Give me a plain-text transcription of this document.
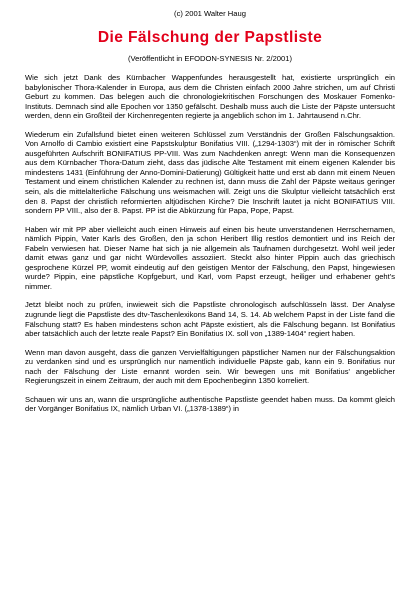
(c) 2001 Walter Haug

Die Fälschung der Papstliste

(Veröffentlicht in EFODON-SYNESIS Nr. 2/2001)

Wie sich jetzt Dank des Kürnbacher Wappenfundes herausgestellt hat, existierte ursprünglich ein babylonischer Thora-Kalender in Europa, aus dem die Christen einfach 2000 Jahre strichen, um auf Christi Geburt zu kommen. Das belegen auch die chronologiekritischen Forschungen des Moskauer Fomenko-Instituts. Demnach sind alle Epochen vor 1350 gefälscht. Deshalb muss auch die Liste der Päpste untersucht werden, denn ein Großteil der Kirchenregenten regierte ja angeblich schon im 1. Jahrtausend n.Chr.

Wiederum ein Zufallsfund bietet einen weiteren Schlüssel zum Verständnis der Großen Fälschungsaktion. Von Arnolfo di Cambio existiert eine Papstskulptur Bonifatius VIII. („1294-1303“) mit der in römischer Schrift ausgeführten Aufschrift BONIFATIUS PP-VIII. Was zum Nachdenken anregt: Wenn man die Konsequenzen aus dem Kürnbacher Thora-Datum zieht, dass das jüdische Alte Testament mit einem eigenen Kalender bis mindestens 1431 (Einführung der Anno-Domini-Datierung) Gültigkeit hatte und erst ab dann mit einem Neuen Testament und einem christlichen Kalender zu rechnen ist, dann muss die Zahl der Päpste weitaus geringer sein, als die mittelalterliche Fälschung uns weismachen will. Zeigt uns die Skulptur vielleicht tatsächlich erst den 8. Papst der christlich reformierten altjüdischen Kirche? Die Inschrift lautet ja nicht BONIFATIUS VIII. sondern PP VIII., also der 8. Papst. PP ist die Abkürzung für Papa, Pope, Papst.

Haben wir mit PP aber vielleicht auch einen Hinweis auf einen bis heute unverstandenen Herrschernamen, nämlich Pippin, Vater Karls des Großen, den ja schon Heribert Illig restlos demontiert und ins Reich der Fabeln verwiesen hat. Dieser Name hat sich ja nie allgemein als Taufnamen durchgesetzt. Wohl weil jeder damit etwas ganz und gar nicht Würdevolles assoziiert. Steckt also hinter Pippin auch das griechisch gesprochene Kürzel PP, womit eindeutig auf den geistigen Mentor der Fälschung, den Papst, hingewiesen wurde? Pippin, eine päpstliche Kopfgeburt, und Karl, vom Papst erzeugt, heiliger und erhabener geht's nimmer.

Jetzt bleibt noch zu prüfen, inwieweit sich die Papstliste chronologisch aufschlüsseln lässt. Der Analyse zugrunde liegt die Papstliste des dtv-Taschenlexikons Band 14, S. 14. Ab welchem Papst in der Liste fand die Fälschung statt? Es haben mindestens schon acht Päpste existiert, als die Fälschung begann. Ist Bonifatius aber tatsächlich auch der letzte reale Papst? Ein Bonifatius IX. soll von „1389-1404“ regiert haben.

Wenn man davon ausgeht, dass die ganzen Vervielfältigungen päpstlicher Namen nur der Fälschungsaktion zu verdanken sind und es ursprünglich nur namentlich individuelle Päpste gab, kann ein 9. Bonifatius nur nach der Fälschung der Liste ernannt worden sein. Wir bewegen uns mit Bonifatius' angeblicher Regierungszeit in einem Zeitraum, der auch mit dem Epochenbeginn 1350 korreliert.

Schauen wir uns an, wann die ursprüngliche authentische Papstliste geendet haben muss. Da kommt gleich der Vorgänger Bonifatius IX, nämlich Urban VI. („1378-1389“) in
